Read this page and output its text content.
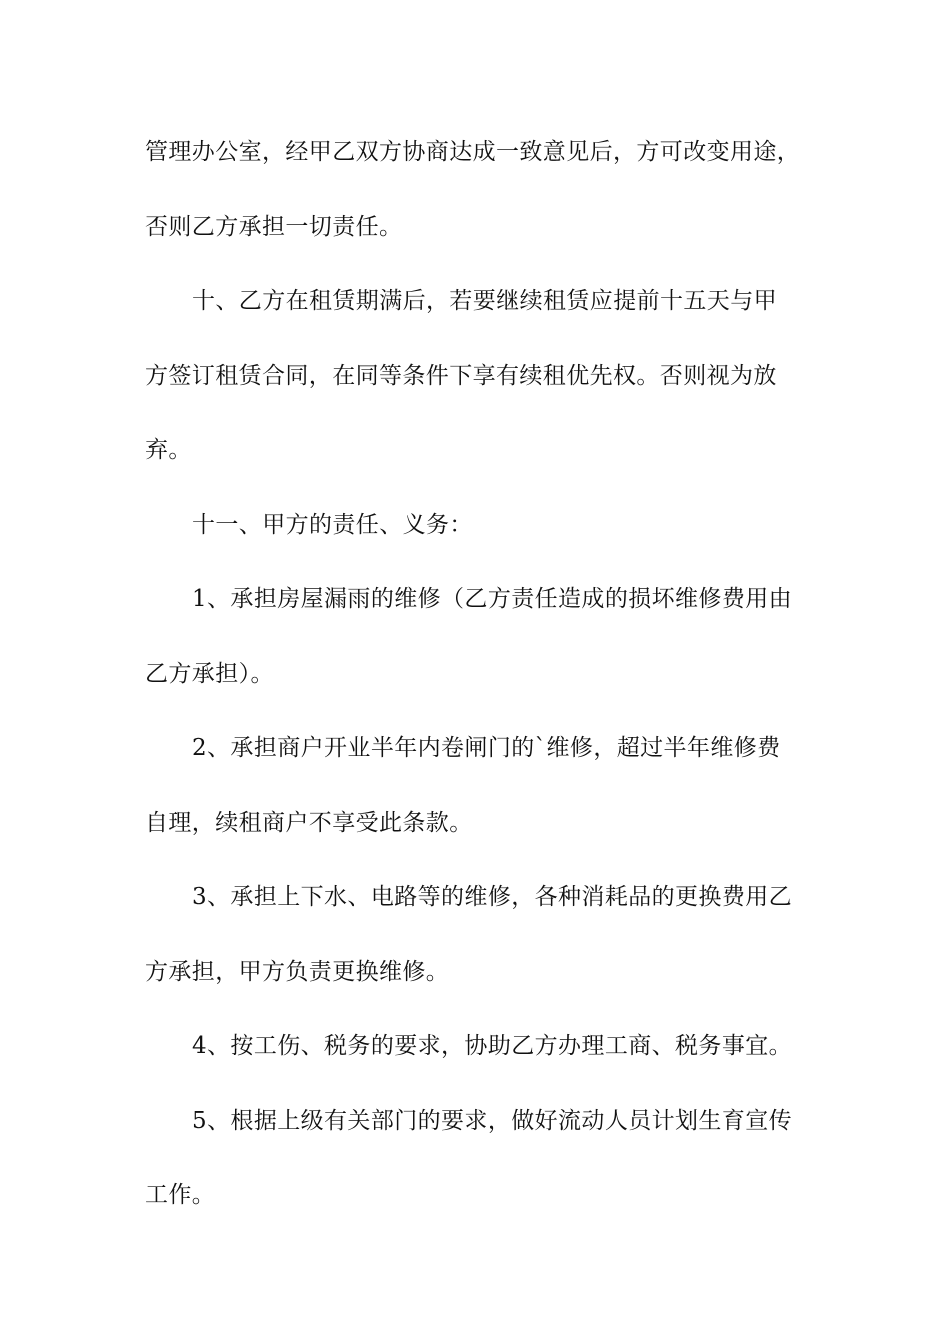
管理办公室，经甲乙双方协商达成一致意见后，方可改变用途，
否则乙方承担一切责任。
十、乙方在租赁期满后，若要继续租赁应提前十五天与甲
方签订租赁合同，在同等条件下享有续租优先权。否则视为放
弃。
十一、甲方的责任、义务：
1、承担房屋漏雨的维修（乙方责任造成的损坏维修费用由
乙方承担）。
2、承担商户开业半年内卷闸门的`维修，超过半年维修费
自理，续租商户不享受此条款。
3、承担上下水、电路等的维修，各种消耗品的更换费用乙
方承担，甲方负责更换维修。
4、按工伤、税务的要求，协助乙方办理工商、税务事宜。
5、根据上级有关部门的要求，做好流动人员计划生育宣传
工作。
